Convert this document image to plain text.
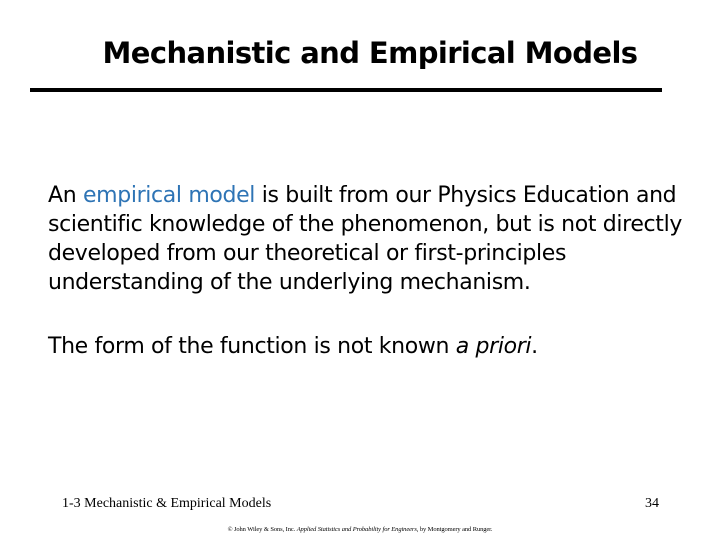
Mechanistic and Empirical Models
An empirical model is built from our Physics Education and scientific knowledge of the phenomenon, but is not directly developed from our theoretical or first-principles understanding of the underlying mechanism.
The form of the function is not known a priori.
1-3 Mechanistic & Empirical Models	34
© John Wiley & Sons, Inc. Applied Statistics and Probability for Engineers, by Montgomery and Runger.
